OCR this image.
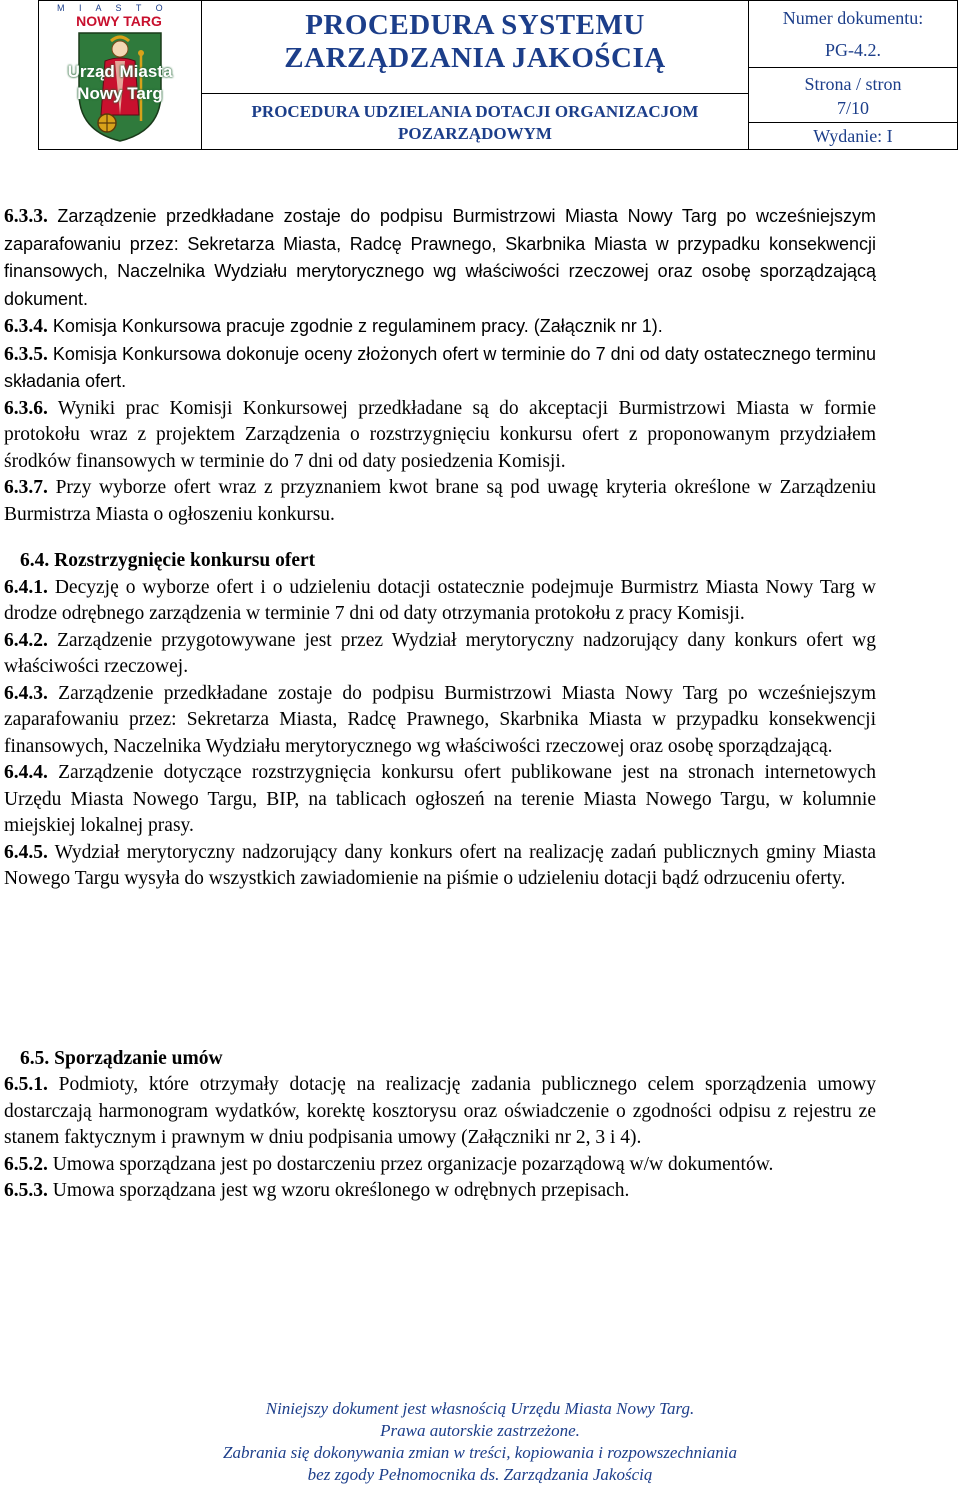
M I A S T O
NOWY TARG
Urząd Miasta
Nowy Targ

PROCEDURA SYSTEMU
ZARZĄDZANIA JAKOŚCIĄ
PROCEDURA UDZIELANIA DOTACJI ORGANIZACJOM
POZARZĄDOWYM

Numer dokumentu:
PG-4.2.
Strona / stron
7/10
Wydanie: I

6.3.3. Zarządzenie przedkładane zostaje do podpisu Burmistrzowi Miasta Nowy Targ po wcześniejszym zaparafowaniu przez: Sekretarza Miasta, Radcę Prawnego, Skarbnika Miasta w przypadku konsekwencji finansowych, Naczelnika Wydziału merytorycznego wg właściwości rzeczowej oraz osobę sporządzającą dokument.

6.3.4. Komisja Konkursowa pracuje zgodnie z regulaminem pracy. (Załącznik nr 1).

6.3.5. Komisja Konkursowa dokonuje oceny złożonych ofert w terminie do 7 dni od daty ostatecznego terminu składania ofert.

6.3.6. Wyniki prac Komisji Konkursowej przedkładane są do akceptacji Burmistrzowi Miasta w formie protokołu wraz z projektem Zarządzenia o rozstrzygnięciu konkursu ofert z proponowanym przydziałem środków finansowych w terminie do 7 dni od daty posiedzenia Komisji.

6.3.7. Przy wyborze ofert wraz z przyznaniem kwot brane są pod uwagę kryteria określone w Zarządzeniu Burmistrza Miasta o ogłoszeniu konkursu.

6.4. Rozstrzygnięcie konkursu ofert

6.4.1. Decyzję o wyborze ofert i o udzieleniu dotacji ostatecznie podejmuje Burmistrz Miasta Nowy Targ w drodze odrębnego zarządzenia w terminie 7 dni od daty otrzymania protokołu z pracy Komisji.

6.4.2. Zarządzenie przygotowywane jest przez Wydział merytoryczny nadzorujący dany konkurs ofert wg właściwości rzeczowej.

6.4.3. Zarządzenie przedkładane zostaje do podpisu Burmistrzowi Miasta Nowy Targ po wcześniejszym zaparafowaniu przez: Sekretarza Miasta, Radcę Prawnego, Skarbnika Miasta w przypadku konsekwencji finansowych, Naczelnika Wydziału merytorycznego wg właściwości rzeczowej oraz osobę sporządzającą.

6.4.4. Zarządzenie dotyczące rozstrzygnięcia konkursu ofert publikowane jest na stronach internetowych Urzędu Miasta Nowego Targu, BIP, na tablicach ogłoszeń na terenie Miasta Nowego Targu, w kolumnie miejskiej lokalnej prasy.

6.4.5. Wydział merytoryczny nadzorujący dany konkurs ofert na realizację zadań publicznych gminy Miasta Nowego Targu wysyła do wszystkich zawiadomienie na piśmie o udzieleniu dotacji bądź odrzuceniu oferty.

6.5. Sporządzanie umów

6.5.1. Podmioty, które otrzymały dotację na realizację zadania publicznego celem sporządzenia umowy dostarczają harmonogram wydatków, korektę kosztorysu oraz oświadczenie o zgodności odpisu z rejestru ze stanem faktycznym i prawnym w dniu podpisania umowy (Załączniki nr 2, 3 i 4).

6.5.2. Umowa sporządzana jest po dostarczeniu przez organizacje pozarządową w/w dokumentów.

6.5.3. Umowa sporządzana jest wg wzoru określonego w odrębnych przepisach.

Niniejszy dokument jest własnością Urzędu Miasta Nowy Targ.
Prawa autorskie zastrzeżone.
Zabrania się dokonywania zmian w treści, kopiowania i rozpowszechniania
bez zgody Pełnomocnika ds. Zarządzania Jakością
